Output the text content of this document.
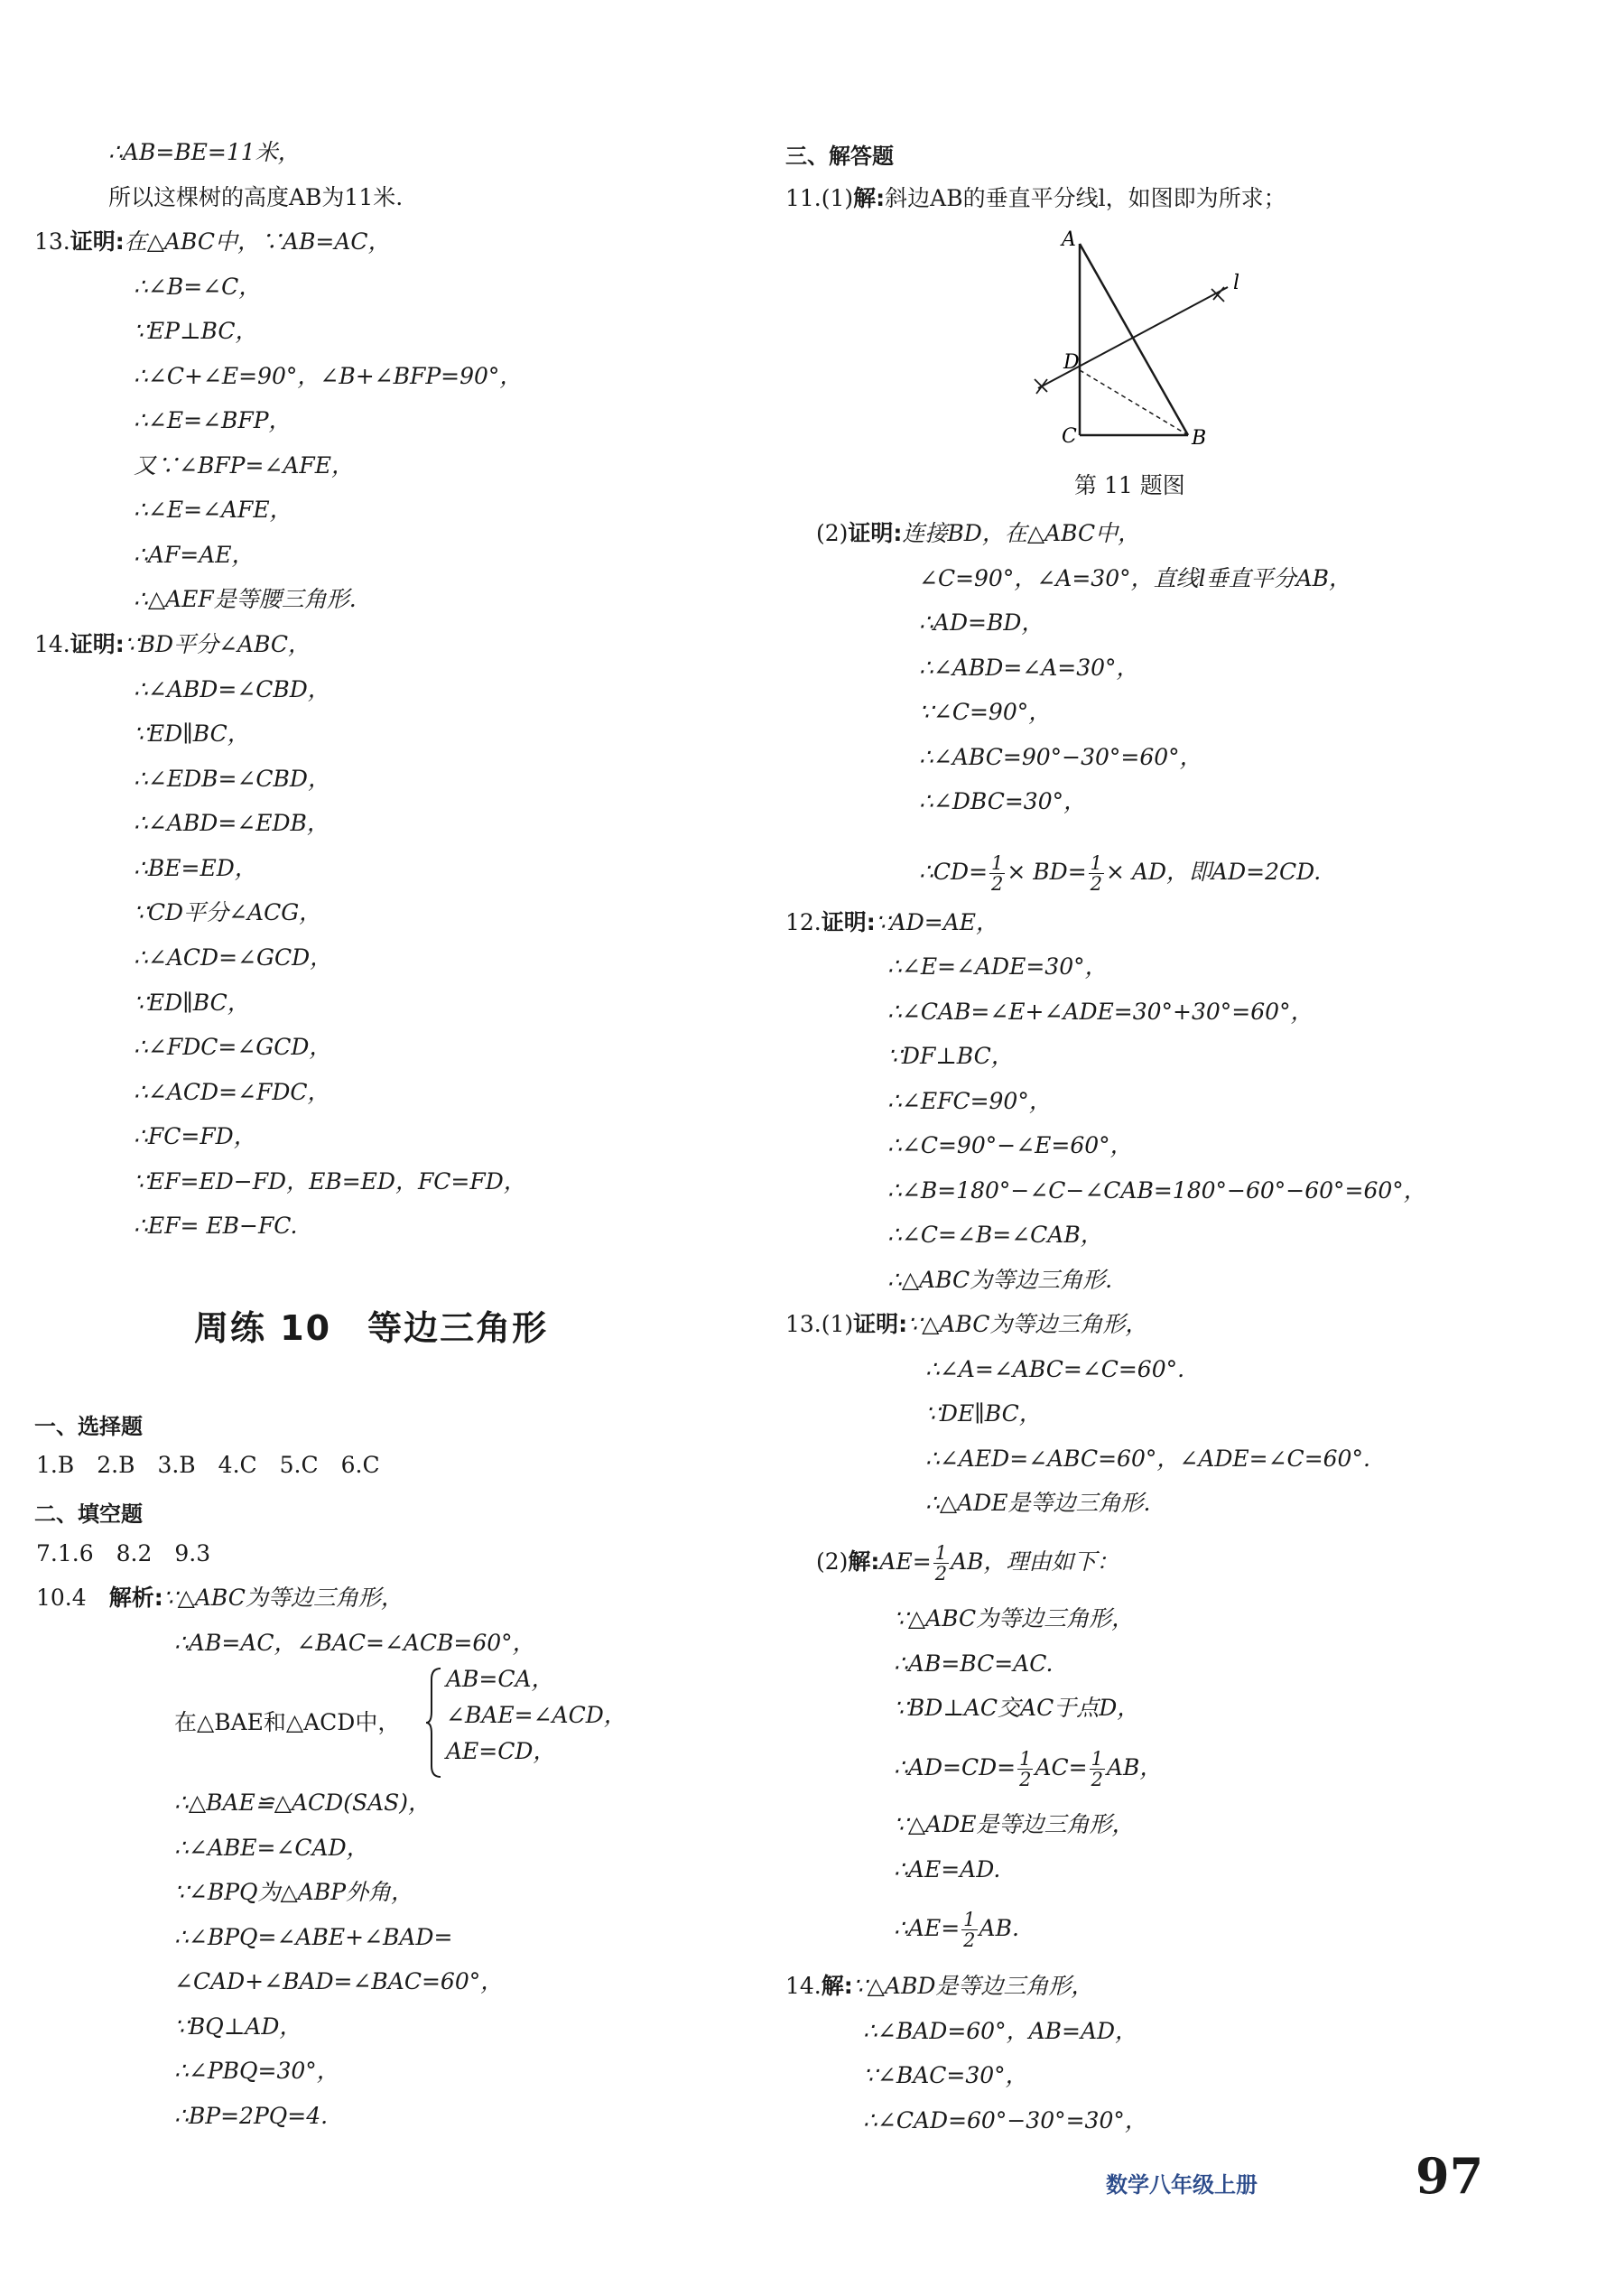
∴AB=BE=11米，
所以这棵树的高度AB为11米.
13.证明:在△ABC中，∵AB=AC，
∴∠B=∠C，
∵EP⊥BC，
∴∠C+∠E=90°，∠B+∠BFP=90°，
∴∠E=∠BFP，
又∵∠BFP=∠AFE，
∴∠E=∠AFE，
∴AF=AE，
∴△AEF是等腰三角形.
14.证明:∵BD平分∠ABC，
∴∠ABD=∠CBD，
∵ED∥BC，
∴∠EDB=∠CBD，
∴∠ABD=∠EDB，
∴BE=ED，
∵CD平分∠ACG，
∴∠ACD=∠GCD，
∵ED∥BC，
∴∠FDC=∠GCD，
∴∠ACD=∠FDC，
∴FC=FD，
∵EF=ED−FD，EB=ED，FC=FD，
∴EF= EB−FC.
周练 10　等边三角形
一、选择题
1.B　2.B　3.B　4.C　5.C　6.C
二、填空题
7.1.6　8.2　9.3
10.4　 解析:∵△ABC为等边三角形，
∴AB=AC，∠BAC=∠ACB=60°，
在△BAE和△ACD中，
AB=CA，
∠BAE=∠ACD，
AE=CD，
∴△BAE≌△ACD(SAS)，
∴∠ABE=∠CAD，
∵∠BPQ为△ABP外角，
∴∠BPQ=∠ABE+∠BAD=
∠CAD+∠BAD=∠BAC=60°，
∵BQ⊥AD，
∴∠PBQ=30°，
∴BP=2PQ=4.
三、解答题
11.(1)解:斜边AB的垂直平分线l，如图即为所求；
A
D
C	B
l
第 11 题图
(2)证明:连接BD，在△ABC中，
∠C=90°，∠A=30°，直线l垂直平分AB，
∴AD=BD，
∴∠ABD=∠A=30°，
∵∠C=90°，
∴∠ABC=90°−30°=60°，
∴∠DBC=30°，
∴CD= $\frac{1}{2} \times BD= \frac{1}{2}$ × AD，即AD=2CD.
12.证明:∵AD=AE，
∴∠E=∠ADE=30°，
∴∠CAB=∠E+∠ADE=30°+30°=60°，
∵DF⊥BC，
∴∠EFC=90°，
∴∠C=90°−∠E=60°，
∴∠B=180°−∠C−∠CAB=180°−60°−60°=60°，
∴∠C=∠B=∠CAB，
∴△ABC为等边三角形.
13.(1)证明:∵△ABC为等边三角形，
∴∠A=∠ABC=∠C=60°.
∵DE∥BC，
∴∠AED=∠ABC=60°，∠ADE=∠C=60°.
∴△ADE是等边三角形.
(2)解:AE= $\frac{1}{2}$ AB，理由如下：
∵△ABC为等边三角形，
∴AB=BC=AC.
∵BD⊥AC交AC于点D，
∴AD=CD= $\frac{1}{2} AC= \frac{1}{2}$ AB，
∵△ADE是等边三角形，
∴AE=AD.
∴AE= $\frac{1}{2}$ AB.
14.解:∵△ABD是等边三角形，
∴∠BAD=60°，AB=AD，
∵∠BAC=30°，
∴∠CAD=60°−30°=30°，
数学八年级上册	97
